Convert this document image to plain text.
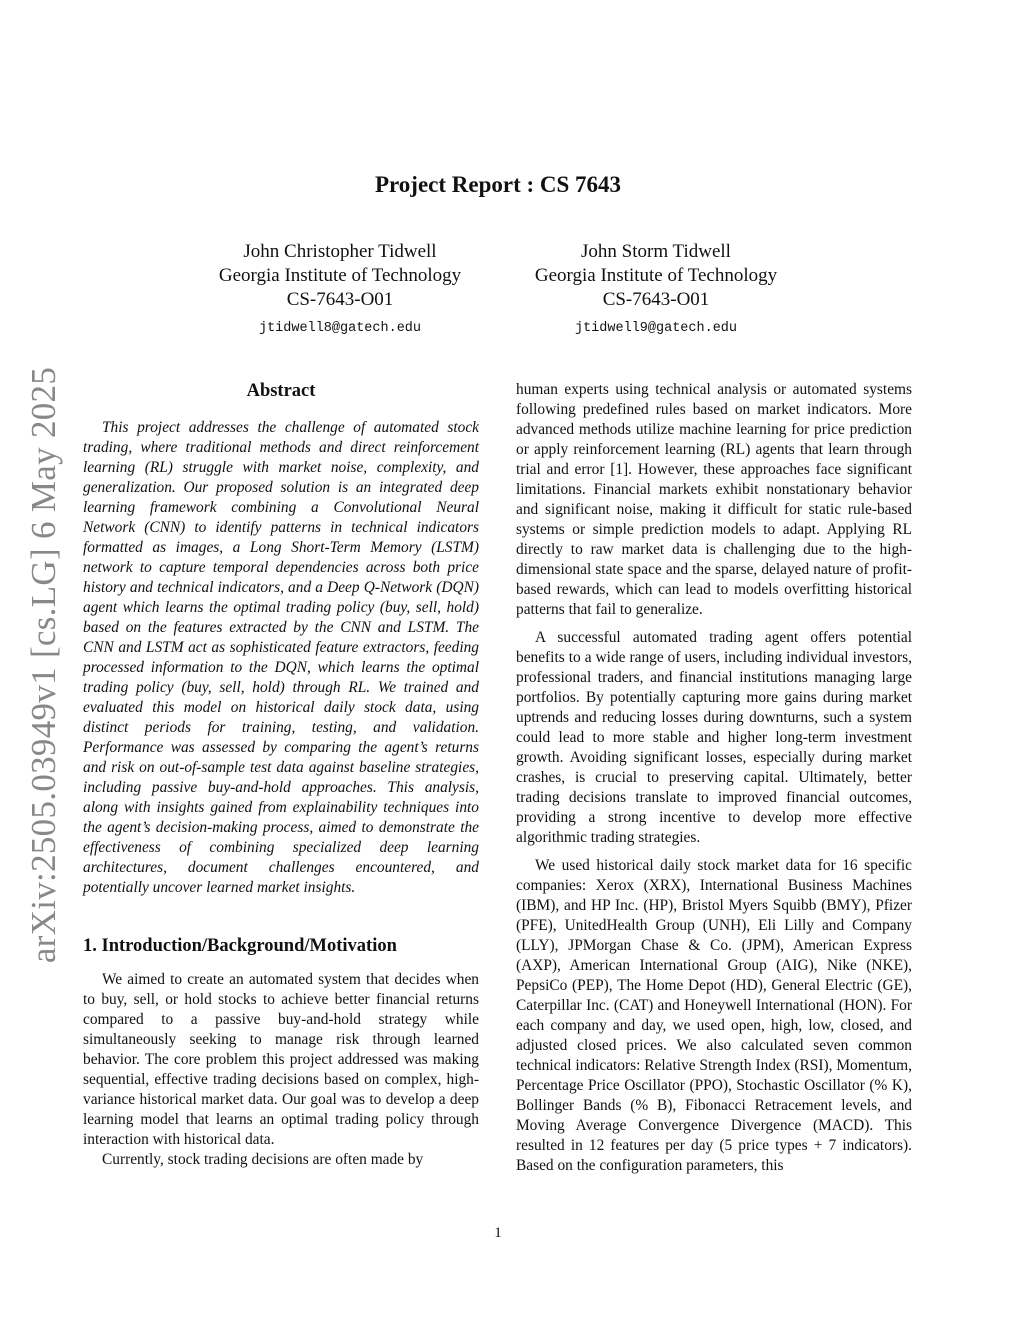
arXiv:2505.03949v1 [cs.LG] 6 May 2025
Project Report : CS 7643
John Christopher Tidwell
Georgia Institute of Technology
CS-7643-O01
jtidwell8@gatech.edu
John Storm Tidwell
Georgia Institute of Technology
CS-7643-O01
jtidwell9@gatech.edu
Abstract

This project addresses the challenge of automated stock trading, where traditional methods and direct reinforcement learning (RL) struggle with market noise, complexity, and generalization. Our proposed solution is an integrated deep learning framework combining a Convolutional Neural Network (CNN) to identify patterns in technical indicators formatted as images, a Long Short-Term Memory (LSTM) network to capture temporal dependencies across both price history and technical indicators, and a Deep Q-Network (DQN) agent which learns the optimal trading policy (buy, sell, hold) based on the features extracted by the CNN and LSTM. The CNN and LSTM act as sophisticated feature extractors, feeding processed information to the DQN, which learns the optimal trading policy (buy, sell, hold) through RL. We trained and evaluated this model on historical daily stock data, using distinct periods for training, testing, and validation. Performance was assessed by comparing the agent’s returns and risk on out-of-sample test data against baseline strategies, including passive buy-and-hold approaches. This analysis, along with insights gained from explainability techniques into the agent’s decision-making process, aimed to demonstrate the effectiveness of combining specialized deep learning architectures, document challenges encountered, and potentially uncover learned market insights.

1. Introduction/Background/Motivation

We aimed to create an automated system that decides when to buy, sell, or hold stocks to achieve better financial returns compared to a passive buy-and-hold strategy while simultaneously seeking to manage risk through learned behavior. The core problem this project addressed was making sequential, effective trading decisions based on complex, high-variance historical market data. Our goal was to develop a deep learning model that learns an optimal trading policy through interaction with historical data.

Currently, stock trading decisions are often made by

human experts using technical analysis or automated systems following predefined rules based on market indicators. More advanced methods utilize machine learning for price prediction or apply reinforcement learning (RL) agents that learn through trial and error [1]. However, these approaches face significant limitations. Financial markets exhibit nonstationary behavior and significant noise, making it difficult for static rule-based systems or simple prediction models to adapt. Applying RL directly to raw market data is challenging due to the high-dimensional state space and the sparse, delayed nature of profit-based rewards, which can lead to models overfitting historical patterns that fail to generalize.

A successful automated trading agent offers potential benefits to a wide range of users, including individual investors, professional traders, and financial institutions managing large portfolios. By potentially capturing more gains during market uptrends and reducing losses during downturns, such a system could lead to more stable and higher long-term investment growth. Avoiding significant losses, especially during market crashes, is crucial to preserving capital. Ultimately, better trading decisions translate to improved financial outcomes, providing a strong incentive to develop more effective algorithmic trading strategies.

We used historical daily stock market data for 16 specific companies: Xerox (XRX), International Business Machines (IBM), and HP Inc. (HP), Bristol Myers Squibb (BMY), Pfizer (PFE), UnitedHealth Group (UNH), Eli Lilly and Company (LLY), JPMorgan Chase & Co. (JPM), American Express (AXP), American International Group (AIG), Nike (NKE), PepsiCo (PEP), The Home Depot (HD), General Electric (GE), Caterpillar Inc. (CAT) and Honeywell International (HON). For each company and day, we used open, high, low, closed, and adjusted closed prices. We also calculated seven common technical indicators: Relative Strength Index (RSI), Momentum, Percentage Price Oscillator (PPO), Stochastic Oscillator (% K), Bollinger Bands (% B), Fibonacci Retracement levels, and Moving Average Convergence Divergence (MACD). This resulted in 12 features per day (5 price types + 7 indicators). Based on the configuration parameters, this

1
